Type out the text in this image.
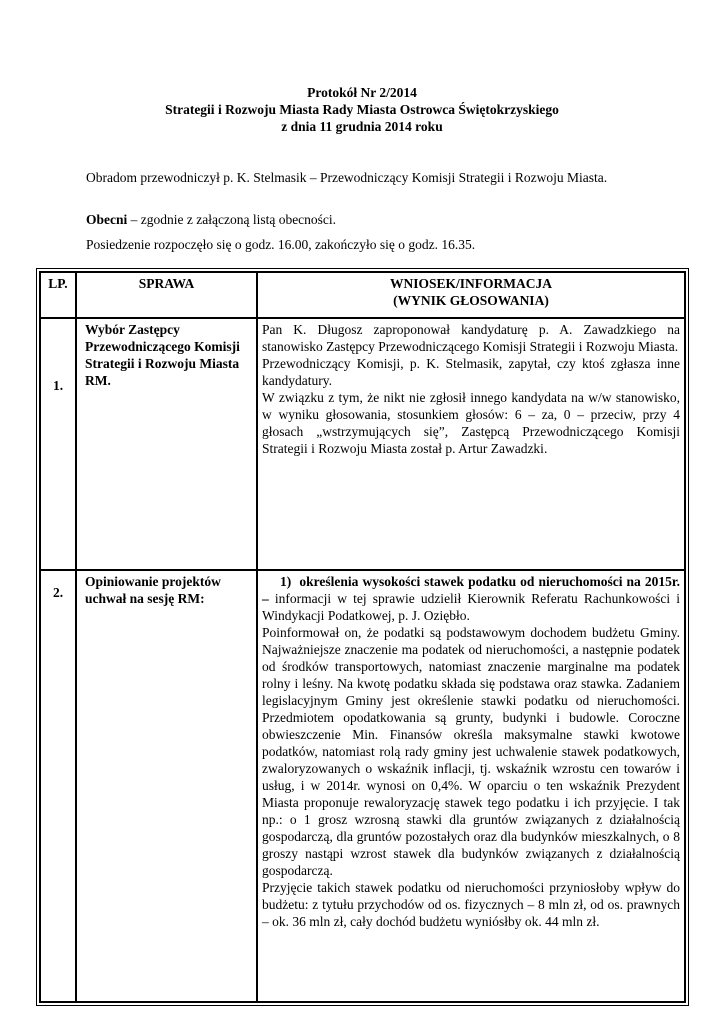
Protokół Nr 2/2014
Strategii i Rozwoju Miasta Rady Miasta Ostrowca Świętokrzyskiego
z dnia 11 grudnia 2014 roku

Obradom przewodniczył p. K. Stelmasik – Przewodniczący Komisji Strategii i Rozwoju Miasta.

Obecni – zgodnie z załączoną listą obecności.

Posiedzenie rozpoczęło się o godz. 16.00, zakończyło się o godz. 16.35.

LP.	SPRAWA	WNIOSEK/INFORMACJA
(WYNIK GŁOSOWANIA)

1.	Wybór Zastępcy Przewodniczącego Komisji Strategii i Rozwoju Miasta RM.	Pan K. Długosz zaproponował kandydaturę p. A. Zawadzkiego na stanowisko Zastępcy Przewodniczącego Komisji Strategii i Rozwoju Miasta.

Przewodniczący Komisji, p. K. Stelmasik, zapytał, czy ktoś zgłasza inne kandydatury.

W związku z tym, że nikt nie zgłosił innego kandydata na w/w stanowisko, w wyniku głosowania, stosunkiem głosów: 6 – za, 0 – przeciw, przy 4 głosach „wstrzymujących się”, Zastępcą Przewodniczącego Komisji Strategii i Rozwoju Miasta został p. Artur Zawadzki.

2.	Opiniowanie projektów uchwał na sesję RM:	1) określenia wysokości stawek podatku od nieruchomości na 2015r. – informacji w tej sprawie udzielił Kierownik Referatu Rachunkowości i Windykacji Podatkowej, p. J. Oziębło.

Poinformował on, że podatki są podstawowym dochodem budżetu Gminy. Najważniejsze znaczenie ma podatek od nieruchomości, a następnie podatek od środków transportowych, natomiast znaczenie marginalne ma podatek rolny i leśny. Na kwotę podatku składa się podstawa oraz stawka. Zadaniem legislacyjnym Gminy jest określenie stawki podatku od nieruchomości. Przedmiotem opodatkowania są grunty, budynki i budowle. Coroczne obwieszczenie Min. Finansów określa maksymalne stawki kwotowe podatków, natomiast rolą rady gminy jest uchwalenie stawek podatkowych, zwaloryzowanych o wskaźnik inflacji, tj. wskaźnik wzrostu cen towarów i usług, i w 2014r. wynosi on 0,4%. W oparciu o ten wskaźnik Prezydent Miasta proponuje rewaloryzację stawek tego podatku i ich przyjęcie. I tak np.: o 1 grosz wzrosną stawki dla gruntów związanych z działalnością gospodarczą, dla gruntów pozostałych oraz dla budynków mieszkalnych, o 8 groszy nastąpi wzrost stawek dla budynków związanych z działalnością gospodarczą.

Przyjęcie takich stawek podatku od nieruchomości przyniosłoby wpływ do budżetu: z tytułu przychodów od os. fizycznych – 8 mln zł, od os. prawnych – ok. 36 mln zł, cały dochód budżetu wyniósłby ok. 44 mln zł.
